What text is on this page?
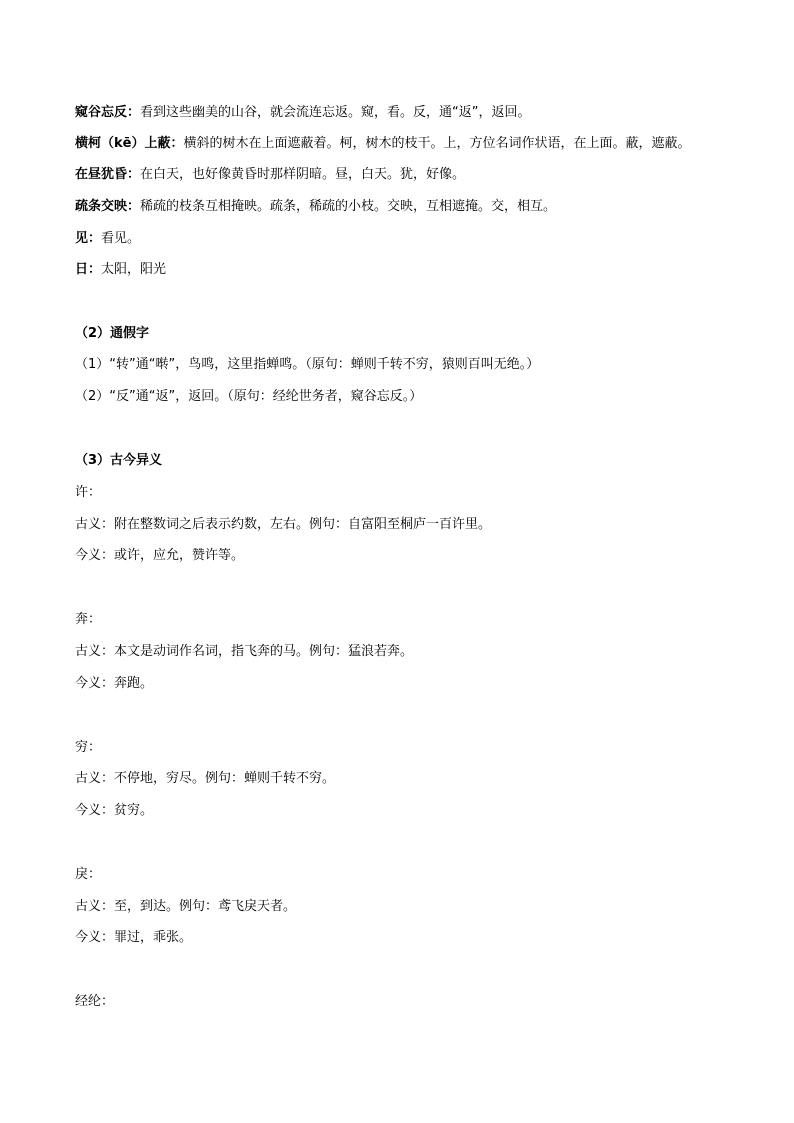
窥谷忘反：看到这些幽美的山谷，就会流连忘返。窥，看。反，通“返”，返回。
横柯（kē）上蔽：横斜的树木在上面遮蔽着。柯，树木的枝干。上，方位名词作状语，在上面。蔽，遮蔽。
在昼犹昏：在白天，也好像黄昏时那样阴暗。昼，白天。犹，好像。
疏条交映：稀疏的枝条互相掩映。疏条，稀疏的小枝。交映，互相遮掩。交，相互。
见：看见。
日：太阳，阳光
（2）通假字
（1）“转”通“啭”，鸟鸣，这里指蝉鸣。（原句：蝉则千转不穷，猿则百叫无绝。）
（2）“反”通“返”，返回。（原句：经纶世务者，窥谷忘反。）
（3）古今异义
许：
古义：附在整数词之后表示约数，左右。例句：自富阳至桐庐一百许里。
今义：或许，应允，赞许等。
奔：
古义：本文是动词作名词，指飞奔的马。例句：猛浪若奔。
今义：奔跑。
穷：
古义：不停地，穷尽。例句：蝉则千转不穷。
今义：贫穷。
戾：
古义：至，到达。例句：鸢飞戾天者。
今义：罪过，乖张。
经纶：
